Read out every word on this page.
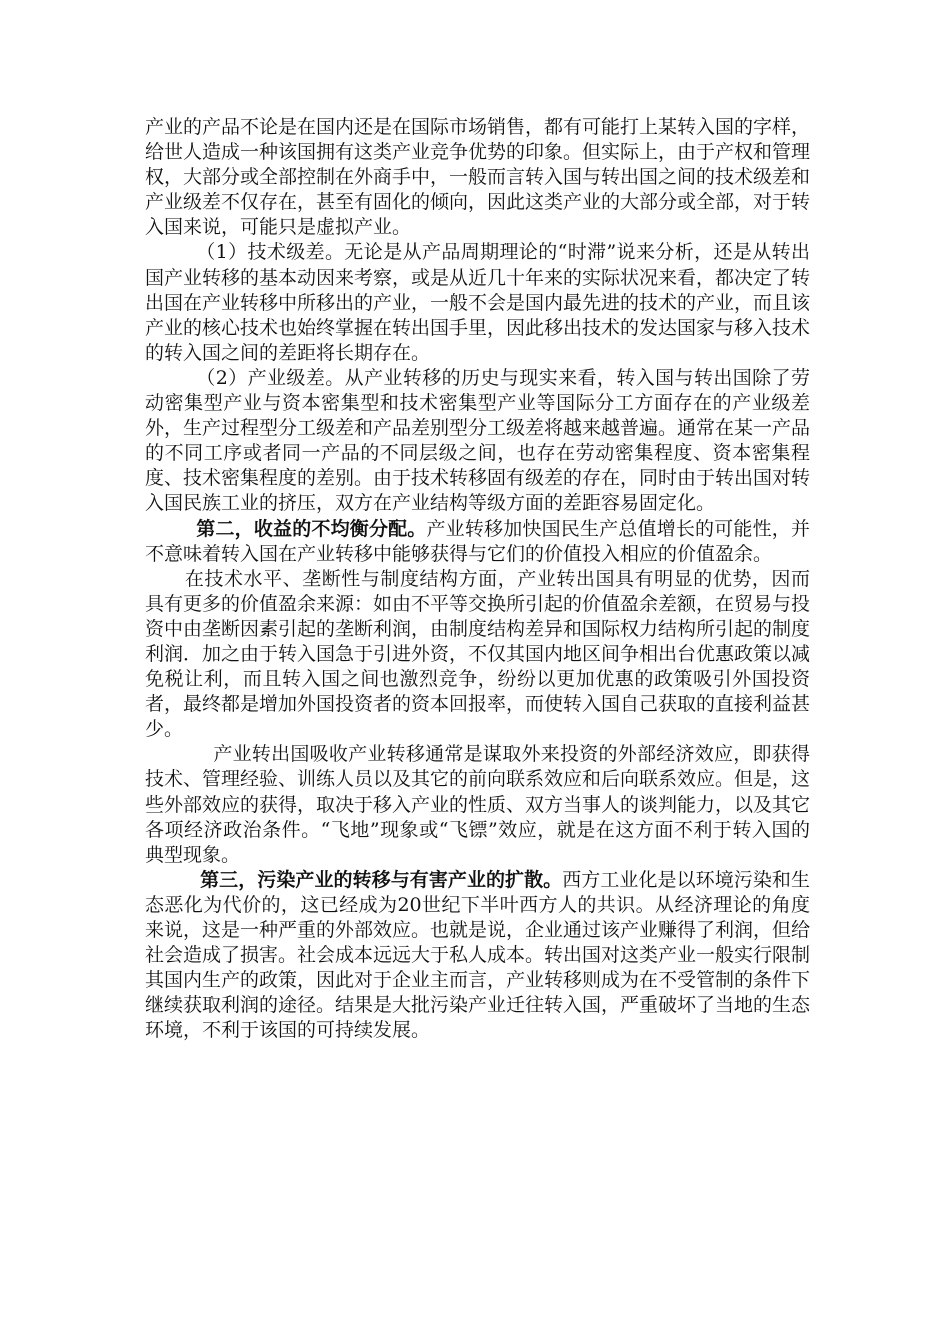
产业的产品不论是在国内还是在国际市场销售，都有可能打上某转入国的字样，给世人造成一种该国拥有这类产业竞争优势的印象。但实际上，由于产权和管理权，大部分或全部控制在外商手中，一般而言转入国与转出国之间的技术级差和产业级差不仅存在，甚至有固化的倾向，因此这类产业的大部分或全部，对于转入国来说，可能只是虚拟产业。

（1）技术级差。无论是从产品周期理论的“时滞”说来分析，还是从转出国产业转移的基本动因来考察，或是从近几十年来的实际状况来看，都决定了转出国在产业转移中所移出的产业，一般不会是国内最先进的技术的产业，而且该产业的核心技术也始终掌握在转出国手里，因此移出技术的发达国家与移入技术的转入国之间的差距将长期存在。

（2）产业级差。从产业转移的历史与现实来看，转入国与转出国除了劳动密集型产业与资本密集型和技术密集型产业等国际分工方面存在的产业级差外，生产过程型分工级差和产品差别型分工级差将越来越普遍。通常在某一产品的不同工序或者同一产品的不同层级之间，也存在劳动密集程度、资本密集程度、技术密集程度的差别。由于技术转移固有级差的存在，同时由于转出国对转入国民族工业的挤压，双方在产业结构等级方面的差距容易固定化。

第二，收益的不均衡分配。产业转移加快国民生产总值增长的可能性，并不意味着转入国在产业转移中能够获得与它们的价值投入相应的价值盈余。

在技术水平、垄断性与制度结构方面，产业转出国具有明显的优势，因而具有更多的价值盈余来源：如由不平等交换所引起的价值盈余差额，在贸易与投资中由垄断因素引起的垄断利润，由制度结构差异和国际权力结构所引起的制度利润．加之由于转入国急于引进外资，不仅其国内地区间争相出台优惠政策以减免税让利，而且转入国之间也激烈竞争，纷纷以更加优惠的政策吸引外国投资者，最终都是增加外国投资者的资本回报率，而使转入国自己获取的直接利益甚少。

产业转出国吸收产业转移通常是谋取外来投资的外部经济效应，即获得技术、管理经验、训练人员以及其它的前向联系效应和后向联系效应。但是，这些外部效应的获得，取决于移入产业的性质、双方当事人的谈判能力，以及其它各项经济政治条件。“飞地”现象或“飞镖”效应，就是在这方面不利于转入国的典型现象。

第三，污染产业的转移与有害产业的扩散。西方工业化是以环境污染和生态恶化为代价的，这已经成为20世纪下半叶西方人的共识。从经济理论的角度来说，这是一种严重的外部效应。也就是说，企业通过该产业赚得了利润，但给社会造成了损害。社会成本远远大于私人成本。转出国对这类产业一般实行限制其国内生产的政策，因此对于企业主而言，产业转移则成为在不受管制的条件下继续获取利润的途径。结果是大批污染产业迁往转入国，严重破坏了当地的生态环境，不利于该国的可持续发展。
